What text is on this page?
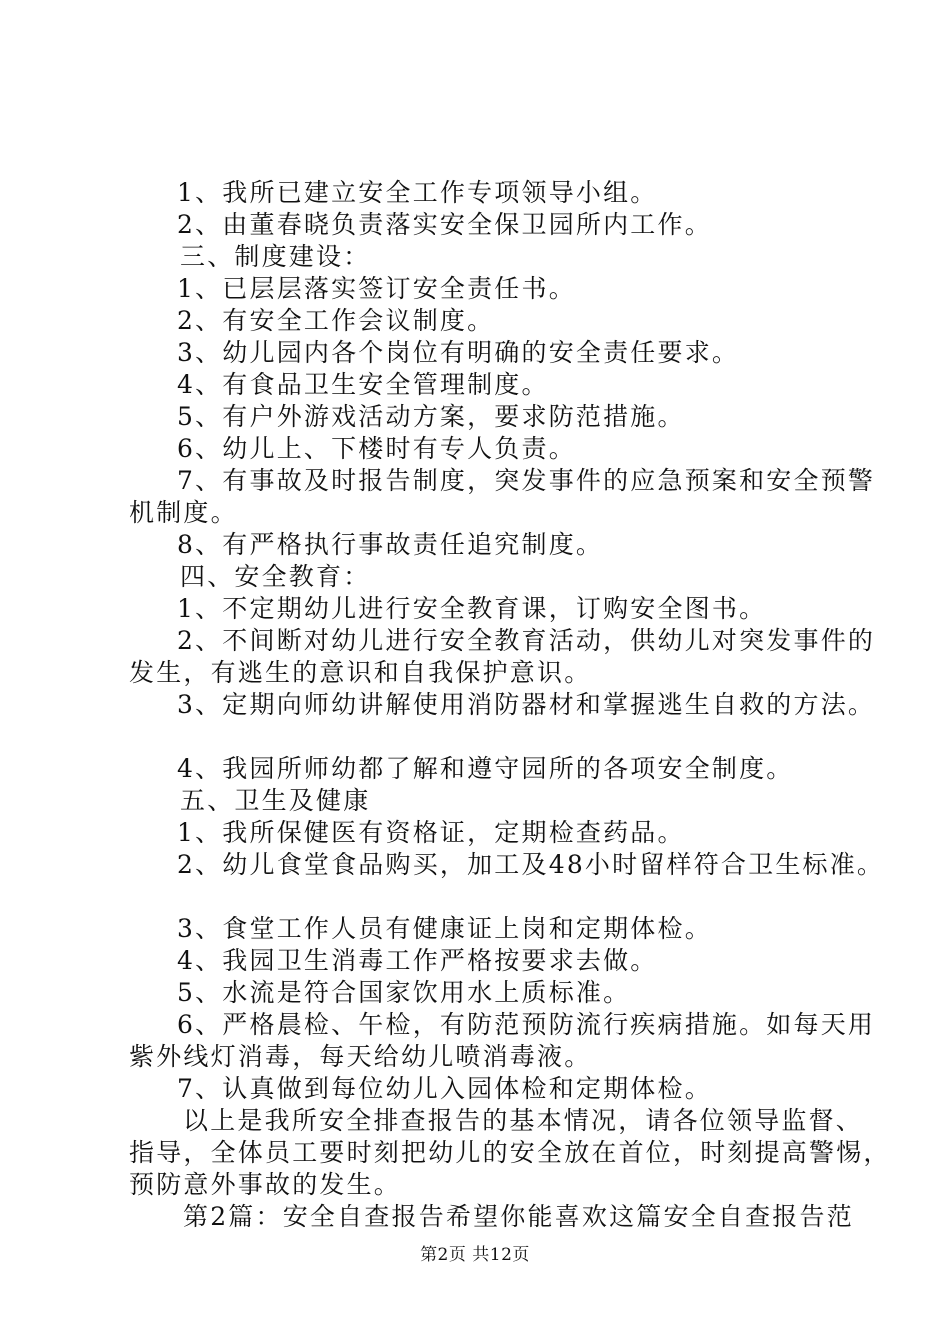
1、我所已建立安全工作专项领导小组。
2、由董春晓负责落实安全保卫园所内工作。
三、制度建设：
1、已层层落实签订安全责任书。
2、有安全工作会议制度。
3、幼儿园内各个岗位有明确的安全责任要求。
4、有食品卫生安全管理制度。
5、有户外游戏活动方案，要求防范措施。
6、幼儿上、下楼时有专人负责。
7、有事故及时报告制度，突发事件的应急预案和安全预警
机制度。
8、有严格执行事故责任追究制度。
四、安全教育：
1、不定期幼儿进行安全教育课，订购安全图书。
2、不间断对幼儿进行安全教育活动，供幼儿对突发事件的
发生，有逃生的意识和自我保护意识。
3、定期向师幼讲解使用消防器材和掌握逃生自救的方法。
4、我园所师幼都了解和遵守园所的各项安全制度。
五、卫生及健康
1、我所保健医有资格证，定期检查药品。
2、幼儿食堂食品购买，加工及48小时留样符合卫生标准。
3、食堂工作人员有健康证上岗和定期体检。
4、我园卫生消毒工作严格按要求去做。
5、水流是符合国家饮用水上质标准。
6、严格晨检、午检，有防范预防流行疾病措施。如每天用
紫外线灯消毒，每天给幼儿喷消毒液。
7、认真做到每位幼儿入园体检和定期体检。
以上是我所安全排查报告的基本情况，请各位领导监督、
指导，全体员工要时刻把幼儿的安全放在首位，时刻提高警惕，
预防意外事故的发生。
第2篇：安全自查报告希望你能喜欢这篇安全自查报告范
第2页 共12页
